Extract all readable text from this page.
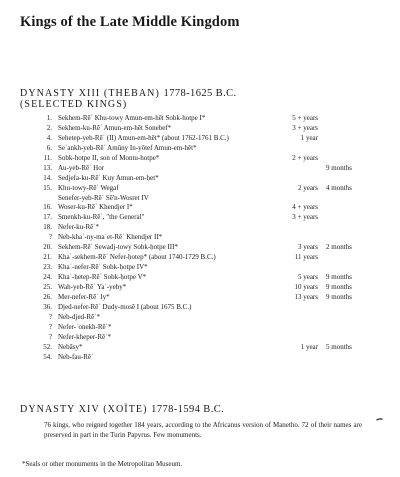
Kings of the Late Middle Kingdom
DYNASTY XIII (THEBAN) 1778-1625 B.C.
(SELECTED KINGS)
1. Sekhem-Rēʿ Khu-towy Amun-em-hēt Sobk-hotpe I*	5 + years
2. Sekhem-ku-Rēʿ Amun-em-hēt Sonebef*	3 + years
4. Sehetep-yeb-Rēʿ (II) Amun-em-hēt* (about 1762-1761 B.C.)	1 year
6. Seʿankh-yeb-Rēʿ Amūny In-yōtef Amun-em-hēt*
11. Sobk-hotpe II, son of Montu-hotpe*	2 + years
13. Au-yeb-Rēʿ Hor	9 months
14. Sedjefa-ku-Rēʿ Kuy Amun-em-ḥet*
15. Khu-towy-Rēʿ Wegaf	2 years 4 months
Senefer-yeb-Rēʿ Sē'n-Wosret IV
16. Woser-ku-Rēʿ Khendjer I*	4 + years
17. Smenkh-ku-Rēʿ, "the General"	3 + years
18. Nefer-ku-Rēʿ*
? Neb-khaʿ-ny-maʿet-Rēʿ Khendjer II*
20. Sekhem-Rēʿ Sewadj-towy Sobk-ḥotpe III*	3 years 2 months
21. Khaʿ-sekhem-Rēʿ Nefer-ḥotep* (about 1740-1729 B.C.)	11 years
23. Khaʿ-nefer-Rēʿ Sobk-ḥotpe IV*
24. Khaʿ-ḥetep-Rēʿ Sobk-ḥotpe V*	5 years 9 months
25. Wah-yeb-Rēʿ Yaʿ-yeby*	10 years 9 months
26. Mer-nefer-Rēʿ Iy*	13 years 9 months
36. Djed-nefer-Rēʿ Dudy-mosĕ I (about 1675 B.C.)
? Neb-djed-Rēʿ*
? Nefer-ʿonekh-Rēʿ*
? Nefer-kheper-Rēʿ*
52. Nebāsy*	1 year 5 months
54. Neb-fau-Rēʿ
DYNASTY XIV (XOÏTE) 1778-1594 B.C.

76 kings, who reigned together 184 years, according to the Africanus version of Manetho. 72 of their names are preserved in part in the Turin Papyrus. Few monuments.

*Seals or other monuments in the Metropolitan Museum.
